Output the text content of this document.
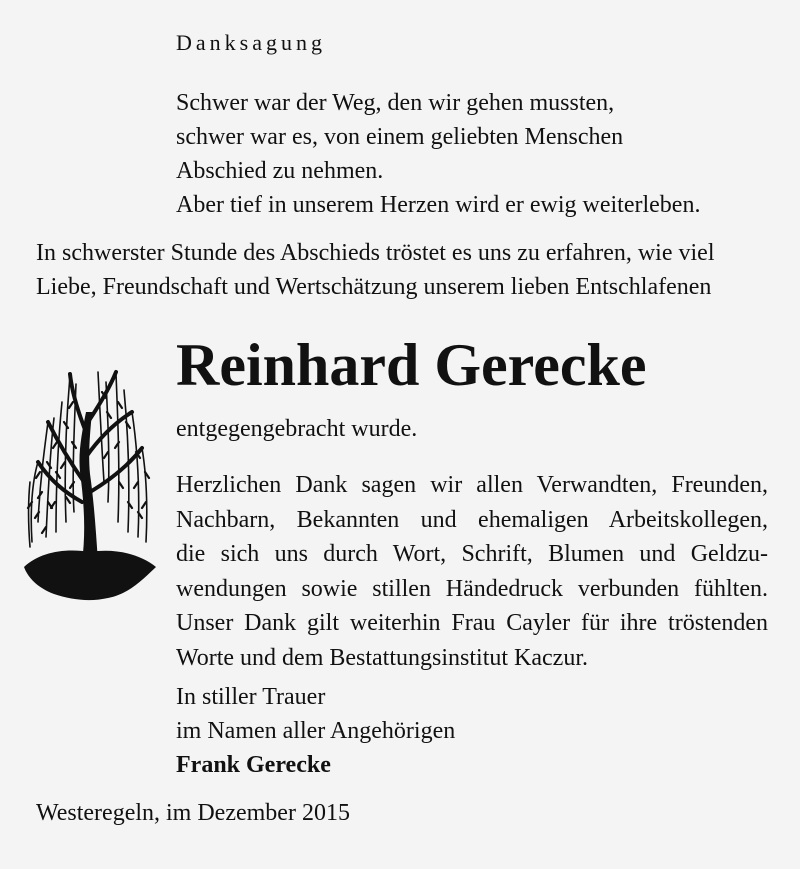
Danksagung
Schwer war der Weg, den wir gehen mussten,
schwer war es, von einem geliebten Menschen
Abschied zu nehmen.
Aber tief in unserem Herzen wird er ewig weiterleben.
In schwerster Stunde des Abschieds tröstet es uns zu erfahren, wie viel
Liebe, Freundschaft und Wertschätzung unserem lieben Entschlafenen
Reinhard Gerecke
entgegengebracht wurde.
Herzlichen Dank sagen wir allen Verwandten, Freunden,
Nachbarn, Bekannten und ehemaligen Arbeitskollegen,
die sich uns durch Wort, Schrift, Blumen und Geldzu-
wendungen sowie stillen Händedruck verbunden fühlten.
Unser Dank gilt weiterhin Frau Cayler für ihre tröstenden
Worte und dem Bestattungsinstitut Kaczur.
In stiller Trauer
im Namen aller Angehörigen
Frank Gerecke
Westeregeln, im Dezember 2015
